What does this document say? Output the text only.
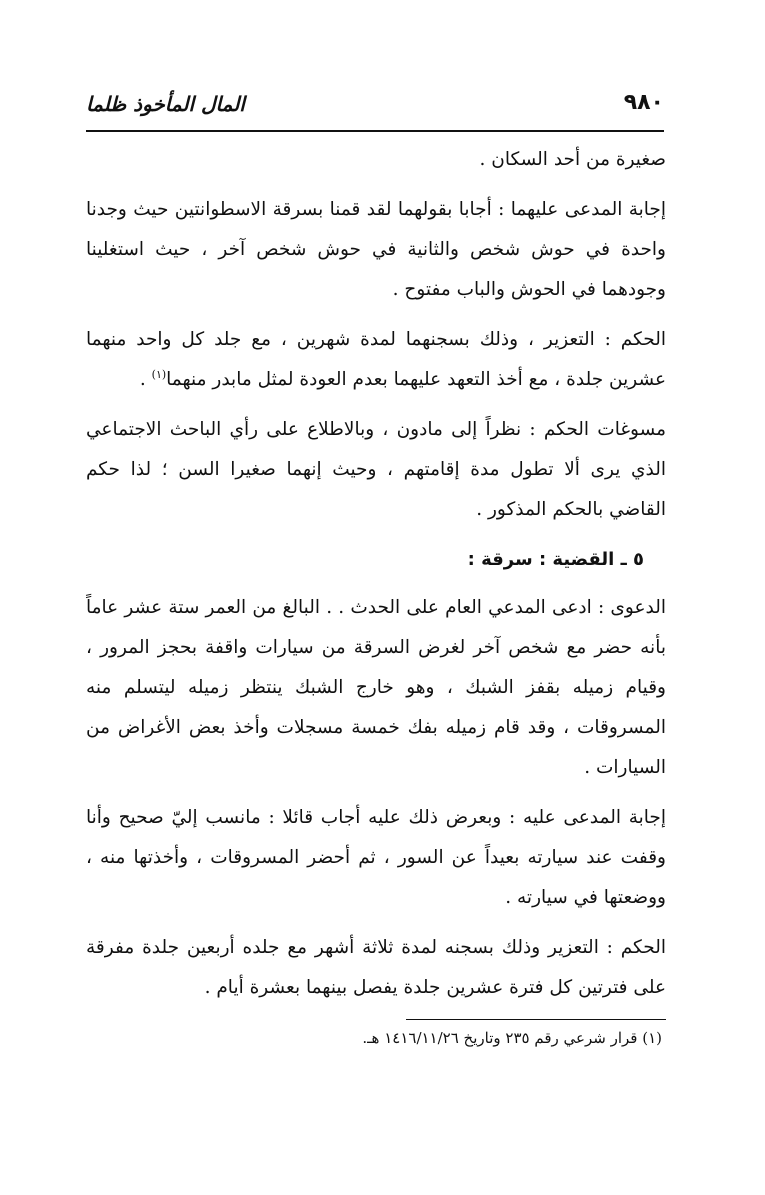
المال المأخوذ ظلما	٩٨٠

صغيرة من أحد السكان .

إجابة المدعى عليهما : أجابا بقولهما لقد قمنا بسرقة الاسطوانتين حيث وجدنا واحدة في حوش شخص والثانية في حوش شخص آخر ، حيث استغلينا وجودهما في الحوش والباب مفتوح .

الحكم : التعزير ، وذلك بسجنهما لمدة شهرين ، مع جلد كل واحد منهما عشرين جلدة ، مع أخذ التعهد عليهما بعدم العودة لمثل مابدر منهما$^{(١)}$ .

مسوغات الحكم : نظراً إلى مادون ، وبالاطلاع على رأي الباحث الاجتماعي الذي يرى ألا تطول مدة إقامتهم ، وحيث إنهما صغيرا السن ؛ لذا حكم القاضي بالحكم المذكور .

٥ ـ القضية : سرقة :

الدعوى : ادعى المدعي العام على الحدث . . البالغ من العمر ستة عشر عاماً بأنه حضر مع شخص آخر لغرض السرقة من سيارات واقفة بحجز المرور ، وقيام زميله بقفز الشبك ، وهو خارج الشبك ينتظر زميله ليتسلم منه المسروقات ، وقد قام زميله بفك خمسة مسجلات وأخذ بعض الأغراض من السيارات .

إجابة المدعى عليه : وبعرض ذلك عليه أجاب قائلا : مانسب إليّ صحيح وأنا وقفت عند سيارته بعيداً عن السور ، ثم أحضر المسروقات ، وأخذتها منه ، ووضعتها في سيارته .

الحكم : التعزير وذلك بسجنه لمدة ثلاثة أشهر مع جلده أربعين جلدة مفرقة على فترتين كل فترة عشرين جلدة يفصل بينهما بعشرة أيام .

(١) قرار شرعي رقم ٢٣٥ وتاريخ ١٤١٦/١١/٢٦ هـ.
